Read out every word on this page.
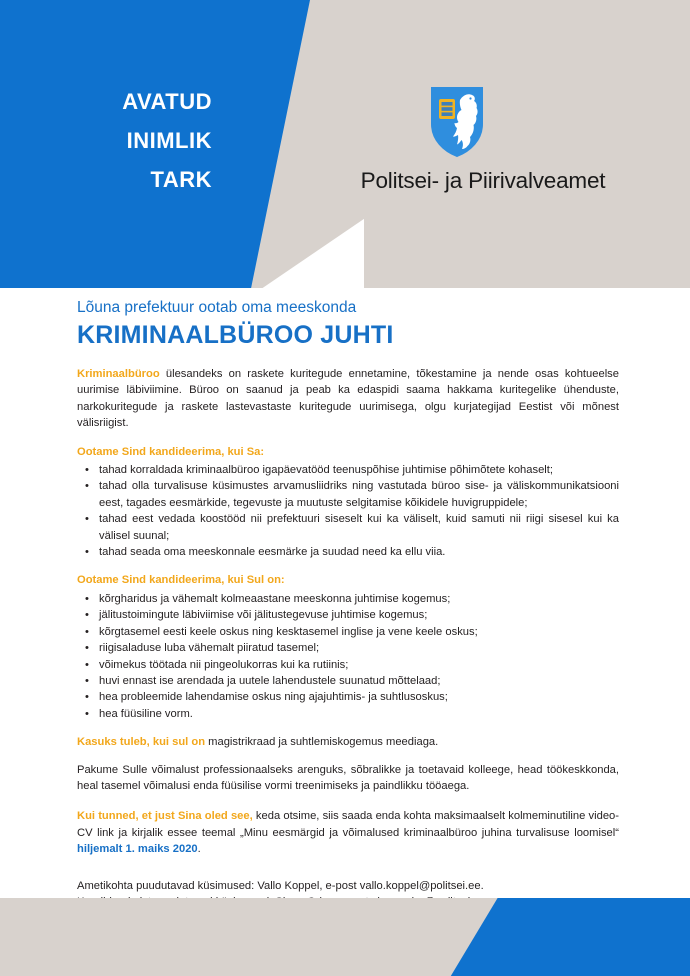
AVATUD
INIMLIK
TARK	Politsei- ja Piirivalveamet

Lõuna prefektuur ootab oma meeskonda

KRIMINAALBÜROO JUHTI

Kriminaalbüroo ülesandeks on raskete kuritegude ennetamine, tõkestamine ja nende osas kohtueelse uurimise läbiviimine. Büroo on saanud ja peab ka edaspidi saama hakkama kuritegelike ühenduste, narkokuritegude ja raskete lastevastaste kuritegude uurimisega, olgu kurjategijad Eestist või mõnest välisriigist.

Ootame Sind kandideerima, kui Sa:

• tahad korraldada kriminaalbüroo igapäevatööd teenuspõhise juhtimise põhimõtete kohaselt;
• tahad olla turvalisuse küsimustes arvamusliidriks ning vastutada büroo sise- ja väliskommunikatsiooni eest, tagades eesmärkide, tegevuste ja muutuste selgitamise kõikidele huvigruppidele;
• tahad eest vedada koostööd nii prefektuuri siseselt kui ka väliselt, kuid samuti nii riigi sisesel kui ka välisel suunal;
• tahad seada oma meeskonnale eesmärke ja suudad need ka ellu viia.

Ootame Sind kandideerima, kui Sul on:

• kõrgharidus ja vähemalt kolmeaastane meeskonna juhtimise kogemus;
• jälitustoimingute läbiviimise või jälitustegevuse juhtimise kogemus;
• kõrgtasemel eesti keele oskus ning kesktasemel inglise ja vene keele oskus;
• riigisaladuse luba vähemalt piiratud tasemel;
• võimekus töötada nii pingeolukorras kui ka rutiinis;
• huvi ennast ise arendada ja uutele lahendustele suunatud mõttelaad;
• hea probleemide lahendamise oskus ning ajajuhtimis- ja suhtlusoskus;
• hea füüsiline vorm.

Kasuks tuleb, kui sul on magistrikraad ja suhtlemiskogemus meediaga.

Pakume Sulle võimalust professionaalseks arenguks, sõbralikke ja toetavaid kolleege, head töökeskkonda, heal tasemel võimalusi enda füüsilise vormi treenimiseks ja paindlikku tööaega.

Kui tunned, et just Sina oled see, keda otsime, siis saada enda kohta maksimaalselt kolmeminutiline video-CV link ja kirjalik essee teemal „Minu eesmärgid ja võimalused kriminaalbüroo juhina turvalisuse loomisel“ hiljemalt 1. maiks 2020.

Ametikohta puudutavad küsimused: Vallo Koppel, e-post vallo.koppel@politsei.ee.
